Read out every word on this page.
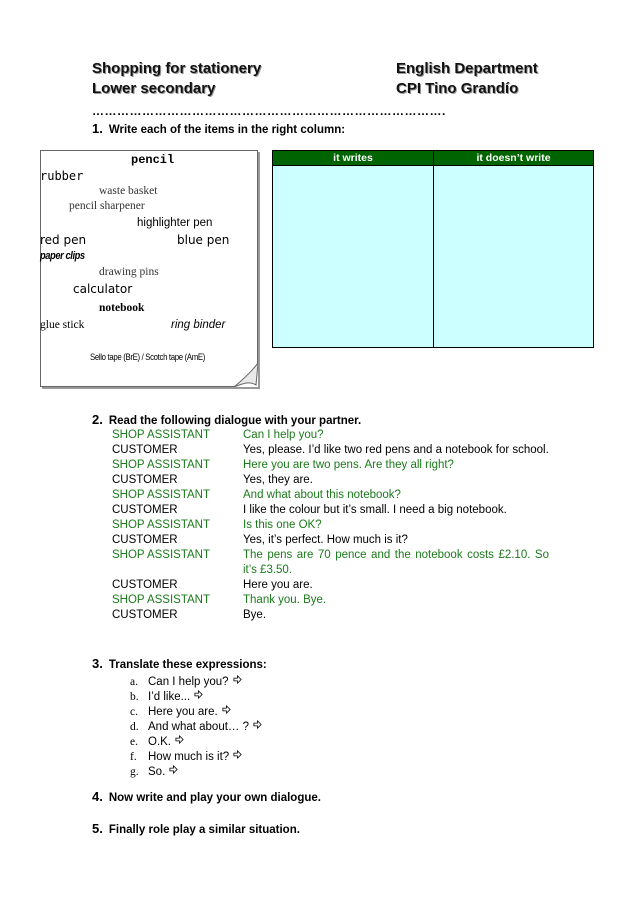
Shopping for stationery
Lower secondary
English Department
CPI Tino Grandío
………………………………………………………………………….
1. Write each of the items in the right column:
pencil
rubber
waste basket
pencil sharpener
highlighter pen
red pen	blue pen
paper clips
drawing pins
calculator
notebook
glue stick	ring binder
Sello tape (BrE) / Scotch tape (AmE)
it writes	it doesn’t write

2. Read the following dialogue with your partner.
SHOP ASSISTANT	Can I help you?
CUSTOMER	Yes, please. I’d like two red pens and a notebook for school.
SHOP ASSISTANT	Here you are two pens. Are they all right?
CUSTOMER	Yes, they are.
SHOP ASSISTANT	And what about this notebook?
CUSTOMER	I like the colour but it’s small. I need a big notebook.
SHOP ASSISTANT	Is this one OK?
CUSTOMER	Yes, it’s perfect. How much is it?
SHOP ASSISTANT	The pens are 70 pence and the notebook costs £2.10. So it’s £3.50.
CUSTOMER	Here you are.
SHOP ASSISTANT	Thank you. Bye.
CUSTOMER	Bye.
3. Translate these expressions:
a. Can I help you?
b. I’d like...
c. Here you are.
d. And what about… ?
e. O.K.
f. How much is it?
g. So.
4. Now write and play your own dialogue.
5. Finally role play a similar situation.
